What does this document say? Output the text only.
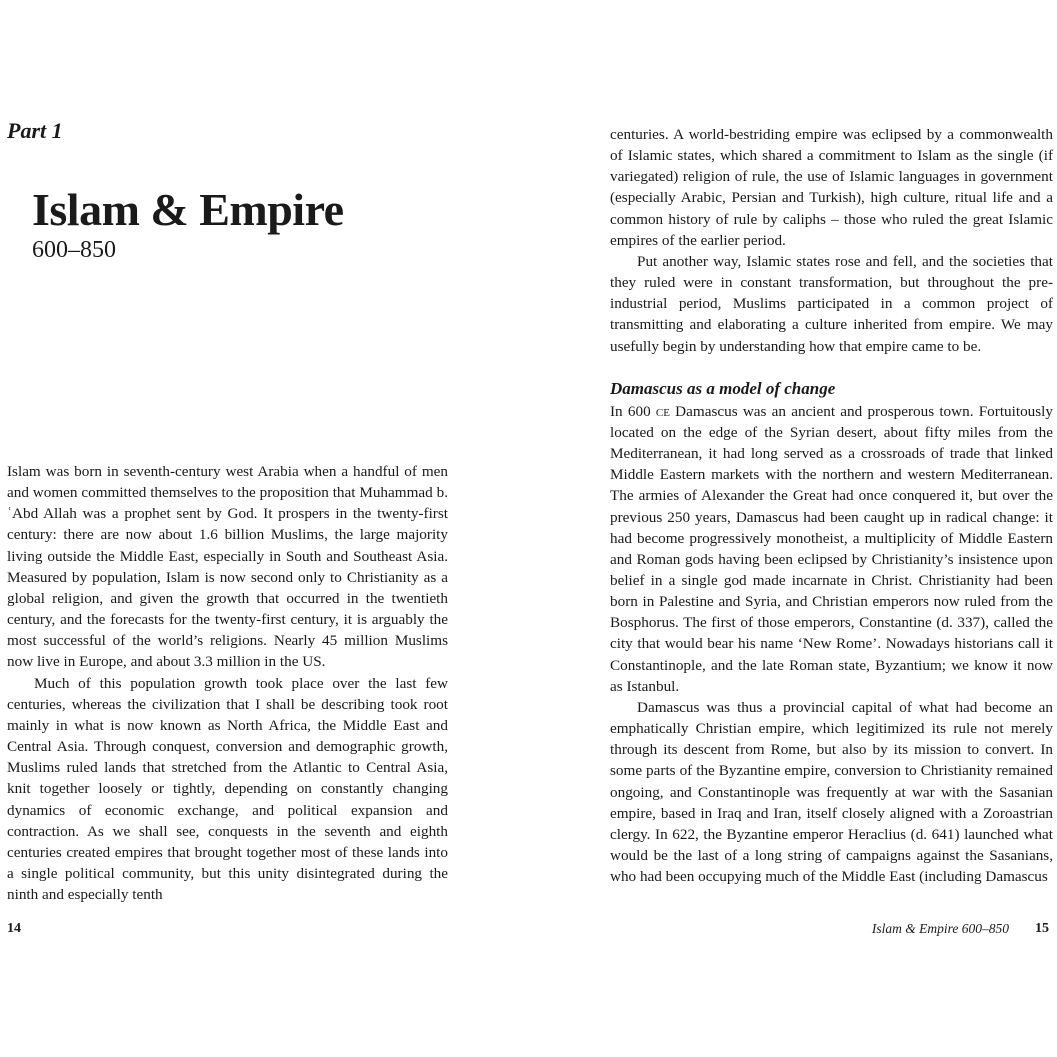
Part 1
Islam & Empire
600–850

Islam was born in seventh-century west Arabia when a handful of men and women committed themselves to the proposition that Muhammad b. ʿAbd Allah was a prophet sent by God. It prospers in the twenty-first century: there are now about 1.6 billion Muslims, the large majority living outside the Middle East, especially in South and Southeast Asia. Measured by population, Islam is now second only to Christianity as a global religion, and given the growth that occurred in the twentieth century, and the forecasts for the twenty-first century, it is arguably the most successful of the world’s religions. Nearly 45 million Muslims now live in Europe, and about 3.3 million in the US.

Much of this population growth took place over the last few centuries, whereas the civilization that I shall be describing took root mainly in what is now known as North Africa, the Middle East and Central Asia. Through conquest, conversion and demographic growth, Muslims ruled lands that stretched from the Atlantic to Central Asia, knit together loosely or tightly, depending on constantly changing dynamics of economic exchange, and political expansion and contraction. As we shall see, conquests in the seventh and eighth centuries created empires that brought together most of these lands into a single political community, but this unity disintegrated during the ninth and especially tenth

14

centuries. A world-bestriding empire was eclipsed by a commonwealth of Islamic states, which shared a commitment to Islam as the single (if variegated) religion of rule, the use of Islamic languages in government (especially Arabic, Persian and Turkish), high culture, ritual life and a common history of rule by caliphs – those who ruled the great Islamic empires of the earlier period.

Put another way, Islamic states rose and fell, and the societies that they ruled were in constant transformation, but throughout the pre-industrial period, Muslims participated in a common project of transmitting and elaborating a culture inherited from empire. We may usefully begin by understanding how that empire came to be.

Damascus as a model of change

In 600 ce Damascus was an ancient and prosperous town. Fortuitously located on the edge of the Syrian desert, about fifty miles from the Mediterranean, it had long served as a crossroads of trade that linked Middle Eastern markets with the northern and western Mediterranean. The armies of Alexander the Great had once conquered it, but over the previous 250 years, Damascus had been caught up in radical change: it had become progressively monotheist, a multiplicity of Middle Eastern and Roman gods having been eclipsed by Christianity’s insistence upon belief in a single god made incarnate in Christ. Christianity had been born in Palestine and Syria, and Christian emperors now ruled from the Bosphorus. The first of those emperors, Constantine (d. 337), called the city that would bear his name ‘New Rome’. Nowadays historians call it Constantinople, and the late Roman state, Byzantium; we know it now as Istanbul.

Damascus was thus a provincial capital of what had become an emphatically Christian empire, which legitimized its rule not merely through its descent from Rome, but also by its mission to convert. In some parts of the Byzantine empire, conversion to Christianity remained ongoing, and Constantinople was frequently at war with the Sasanian empire, based in Iraq and Iran, itself closely aligned with a Zoroastrian clergy. In 622, the Byzantine emperor Heraclius (d. 641) launched what would be the last of a long string of campaigns against the Sasanians, who had been occupying much of the Middle East (including Damascus

Islam & Empire 600–850 15
